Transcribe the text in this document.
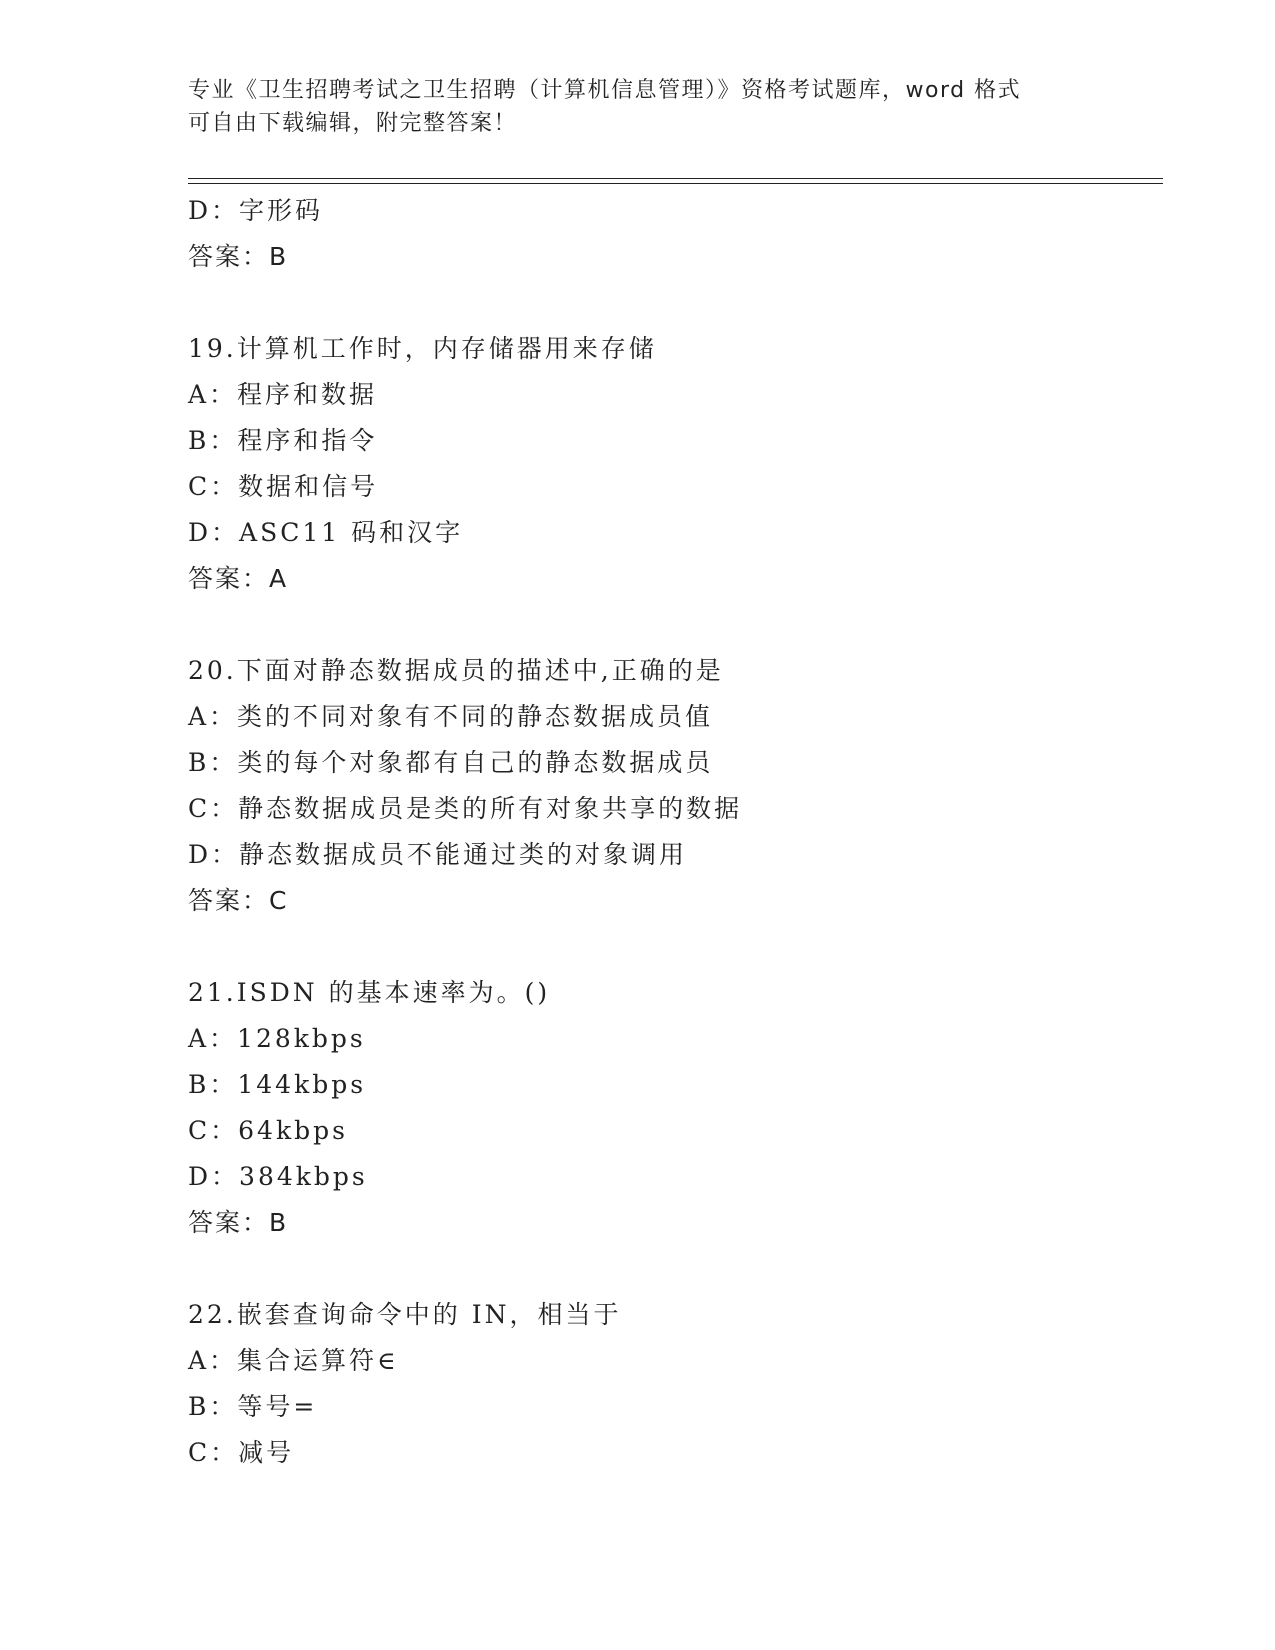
专业《卫生招聘考试之卫生招聘（计算机信息管理）》资格考试题库，word 格式
可自由下载编辑，附完整答案！
D：字形码
答案：B
19.计算机工作时，内存储器用来存储
A：程序和数据
B：程序和指令
C：数据和信号
D：ASC11 码和汉字
答案：A
20.下面对静态数据成员的描述中,正确的是
A：类的不同对象有不同的静态数据成员值
B：类的每个对象都有自己的静态数据成员
C：静态数据成员是类的所有对象共享的数据
D：静态数据成员不能通过类的对象调用
答案：C
21.ISDN 的基本速率为。()
A：128kbps
B：144kbps
C：64kbps
D：384kbps
答案：B
22.嵌套查询命令中的 IN，相当于
A：集合运算符∈
B：等号=
C：减号
